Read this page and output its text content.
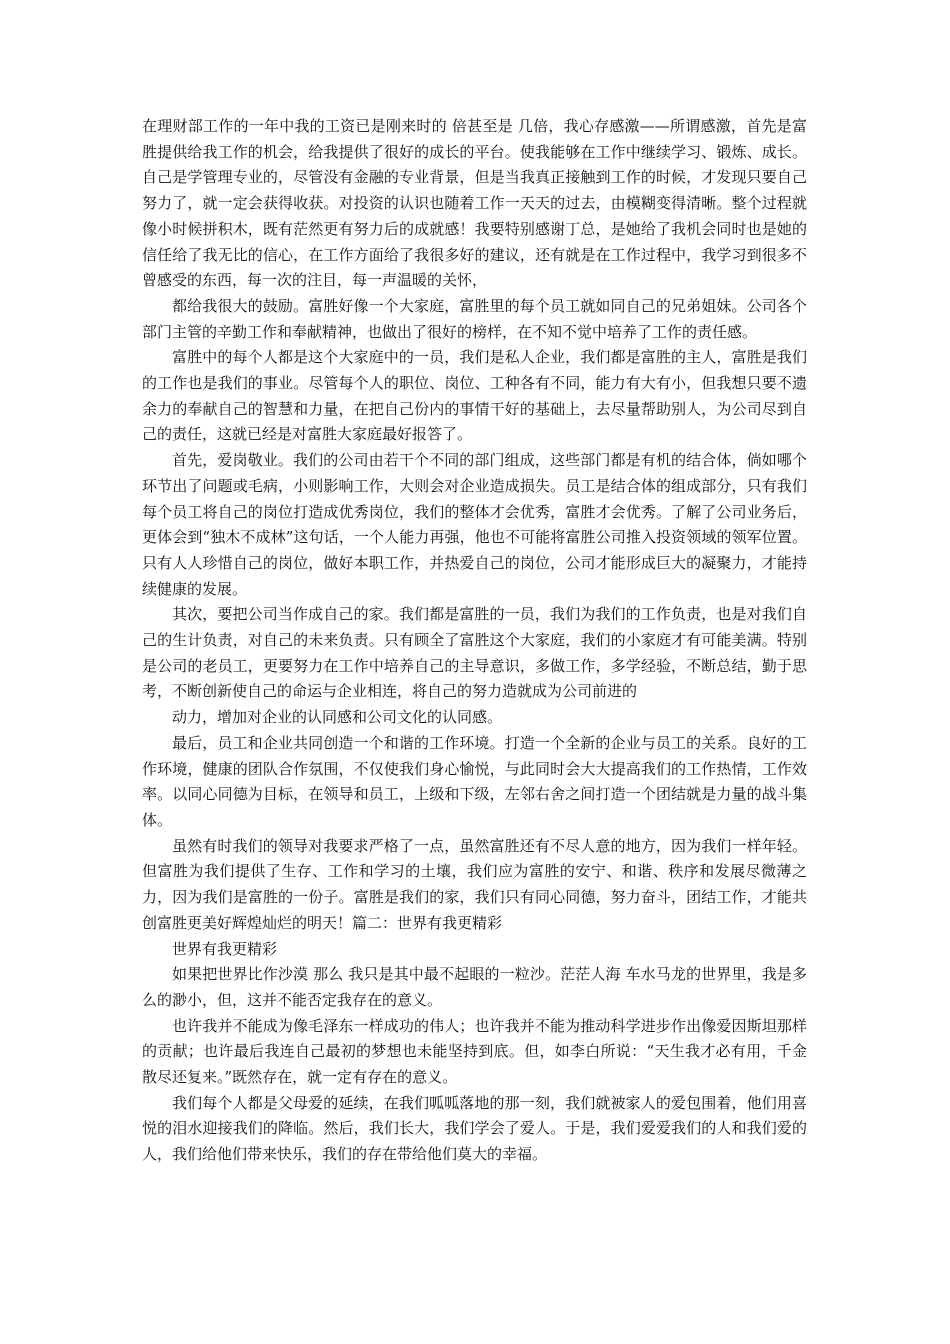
在理财部工作的一年中我的工资已是刚来时的 倍甚至是 几倍，我心存感激——所谓感激，首先是富胜提供给我工作的机会，给我提供了很好的成长的平台。使我能够在工作中继续学习、锻炼、成长。自己是学管理专业的，尽管没有金融的专业背景，但是当我真正接触到工作的时候，才发现只要自己努力了，就一定会获得收获。对投资的认识也随着工作一天天的过去，由模糊变得清晰。整个过程就像小时候拼积木，既有茫然更有努力后的成就感！我要特别感谢丁总，是她给了我机会同时也是她的信任给了我无比的信心，在工作方面给了我很多好的建议，还有就是在工作过程中，我学习到很多不曾感受的东西，每一次的注目，每一声温暖的关怀，

都给我很大的鼓励。富胜好像一个大家庭，富胜里的每个员工就如同自己的兄弟姐妹。公司各个部门主管的辛勤工作和奉献精神，也做出了很好的榜样，在不知不觉中培养了工作的责任感。

富胜中的每个人都是这个大家庭中的一员，我们是私人企业，我们都是富胜的主人，富胜是我们的工作也是我们的事业。尽管每个人的职位、岗位、工种各有不同，能力有大有小，但我想只要不遗余力的奉献自己的智慧和力量，在把自己份内的事情干好的基础上，去尽量帮助别人，为公司尽到自己的责任，这就已经是对富胜大家庭最好报答了。

首先，爱岗敬业。我们的公司由若干个不同的部门组成，这些部门都是有机的结合体，倘如哪个环节出了问题或毛病，小则影响工作，大则会对企业造成损失。员工是结合体的组成部分，只有我们每个员工将自己的岗位打造成优秀岗位，我们的整体才会优秀，富胜才会优秀。了解了公司业务后，更体会到“独木不成林”这句话，一个人能力再强，他也不可能将富胜公司推入投资领域的领军位置。只有人人珍惜自己的岗位，做好本职工作，并热爱自己的岗位，公司才能形成巨大的凝聚力，才能持续健康的发展。

其次，要把公司当作成自己的家。我们都是富胜的一员，我们为我们的工作负责，也是对我们自己的生计负责，对自己的未来负责。只有顾全了富胜这个大家庭，我们的小家庭才有可能美满。特别是公司的老员工，更要努力在工作中培养自己的主导意识，多做工作，多学经验，不断总结，勤于思考，不断创新使自己的命运与企业相连，将自己的努力造就成为公司前进的

动力，增加对企业的认同感和公司文化的认同感。

最后，员工和企业共同创造一个和谐的工作环境。打造一个全新的企业与员工的关系。良好的工作环境，健康的团队合作氛围，不仅使我们身心愉悦，与此同时会大大提高我们的工作热情，工作效率。以同心同德为目标，在领导和员工，上级和下级，左邻右舍之间打造一个团结就是力量的战斗集体。

虽然有时我们的领导对我要求严格了一点，虽然富胜还有不尽人意的地方，因为我们一样年轻。但富胜为我们提供了生存、工作和学习的土壤，我们应为富胜的安宁、和谐、秩序和发展尽微薄之力，因为我们是富胜的一份子。富胜是我们的家，我们只有同心同德，努力奋斗，团结工作，才能共创富胜更美好辉煌灿烂的明天！篇二：世界有我更精彩

世界有我更精彩

如果把世界比作沙漠 那么 我只是其中最不起眼的一粒沙。茫茫人海 车水马龙的世界里，我是多么的渺小，但，这并不能否定我存在的意义。

也许我并不能成为像毛泽东一样成功的伟人；也许我并不能为推动科学进步作出像爱因斯坦那样的贡献；也许最后我连自己最初的梦想也未能坚持到底。但，如李白所说：“天生我才必有用，千金散尽还复来。”既然存在，就一定有存在的意义。

我们每个人都是父母爱的延续，在我们呱呱落地的那一刻，我们就被家人的爱包围着，他们用喜悦的泪水迎接我们的降临。然后，我们长大，我们学会了爱人。于是，我们爱爱我们的人和我们爱的人，我们给他们带来快乐，我们的存在带给他们莫大的幸福。
